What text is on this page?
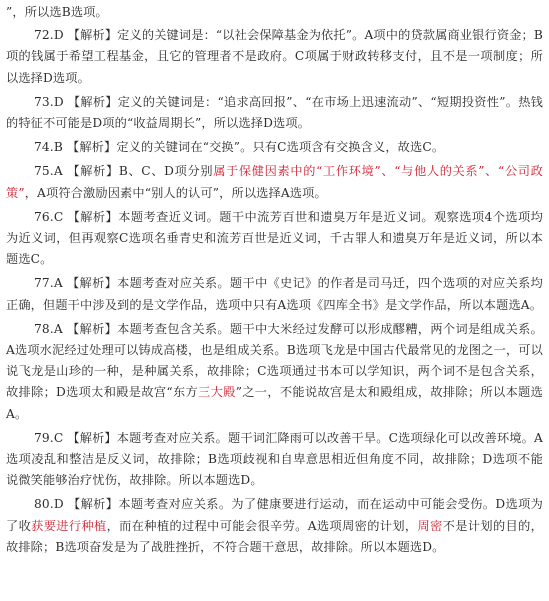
”，所以选B选项。

72.D 【解析】定义的关键词是：“以社会保障基金为依托”。A项中的贷款属商业银行资金；B项的钱属于希望工程基金，且它的管理者不是政府。C项属于财政转移支付，且不是一项制度；所以选择D选项。

73.D 【解析】定义的关键词是：“追求高回报”、“在市场上迅速流动”、“短期投资性”。热钱的特征不可能是D项的“收益周期长”，所以选择D选项。

74.B 【解析】定义的关键词在“交换”。只有C选项含有交换含义，故选C。

75.A 【解析】B、C、D项分别属于保健因素中的“工作环境”、“与他人的关系”、“公司政策”，A项符合激励因素中“别人的认可”，所以选择A选项。

76.C 【解析】本题考查近义词。题干中流芳百世和遗臭万年是近义词。观察选项4个选项均为近义词，但再观察C选项名垂青史和流芳百世是近义词，千古罪人和遗臭万年是近义词，所以本题选C。

77.A 【解析】本题考查对应关系。题干中《史记》的作者是司马迁，四个选项的对应关系均正确，但题干中涉及到的是文学作品，选项中只有A选项《四库全书》是文学作品，所以本题选A。

78.A 【解析】本题考查包含关系。题干中大米经过发酵可以形成醪糟，两个词是组成关系。A选项水泥经过处理可以铸成高楼，也是组成关系。B选项飞龙是中国古代最常见的龙图之一，可以说飞龙是山珍的一种，是种属关系，故排除；C选项通过书本可以学知识，两个词不是包含关系，故排除；D选项太和殿是故宫“东方三大殿”之一，不能说故宫是太和殿组成，故排除；所以本题选A。

79.C 【解析】本题考查对应关系。题干词汇降雨可以改善干旱。C选项绿化可以改善环境。A选项凌乱和整洁是反义词，故排除；B选项歧视和自卑意思相近但角度不同，故排除；D选项不能说微笑能够治疗忧伤，故排除。所以本题选D。

80.D 【解析】本题考查对应关系。为了健康要进行运动，而在运动中可能会受伤。D选项为了收获要进行种植，而在种植的过程中可能会很辛劳。A选项周密的计划，周密不是计划的目的，故排除；B选项奋发是为了战胜挫折，不符合题干意思，故排除。所以本题选D。
